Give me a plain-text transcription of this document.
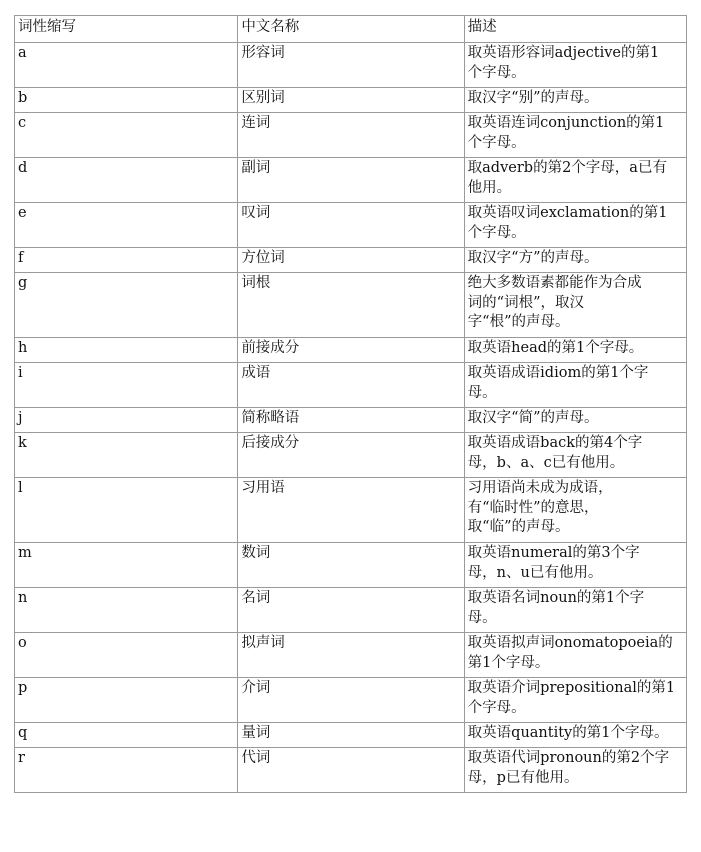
词性缩写	中文名称	描述
a	形容词	取英语形容词adjective的第1
个字母。
b	区别词	取汉字“别”的声母。
c	连词	取英语连词conjunction的第1
个字母。
d	副词	取adverb的第2个字母，a已有
他用。
e	叹词	取英语叹词exclamation的第1
个字母。
f	方位词	取汉字“方”的声母。
g	词根	绝大多数语素都能作为合成
词的“词根”，取汉
字“根”的声母。
h	前接成分	取英语head的第1个字母。
i	成语	取英语成语idiom的第1个字
母。
j	简称略语	取汉字“简”的声母。
k	后接成分	取英语成语back的第4个字
母，b、a、c已有他用。
l	习用语	习用语尚未成为成语，
有“临时性”的意思，
取“临”的声母。
m	数词	取英语numeral的第3个字
母，n、u已有他用。
n	名词	取英语名词noun的第1个字
母。
o	拟声词	取英语拟声词onomatopoeia的
第1个字母。
p	介词	取英语介词prepositional的第1
个字母。
q	量词	取英语quantity的第1个字母。
r	代词	取英语代词pronoun的第2个字
母，p已有他用。
